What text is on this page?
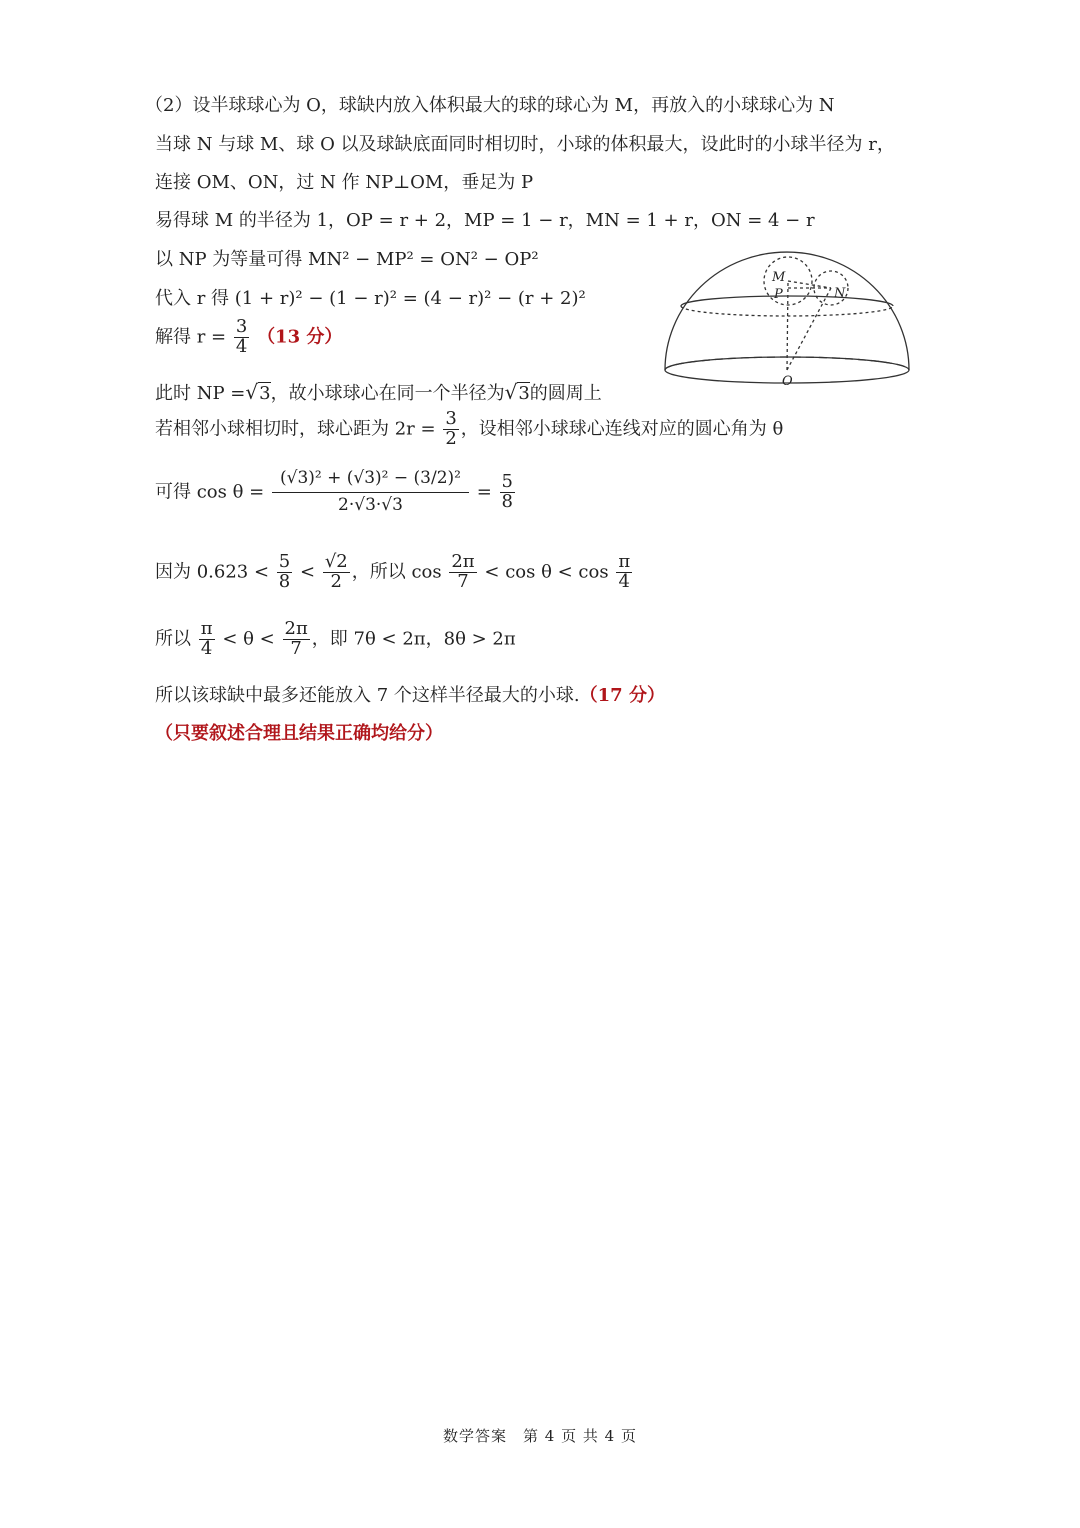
（2）设半球球心为 O，球缺内放入体积最大的球的球心为 M，再放入的小球球心为 N
当球 N 与球 M、球 O 以及球缺底面同时相切时，小球的体积最大，设此时的小球半径为 r，
连接 OM、ON，过 N 作 NP⊥OM，垂足为 P
易得球 M 的半径为 1，OP = r + 2，MP = 1 − r，MN = 1 + r，ON = 4 − r
以 NP 为等量可得 MN² − MP² = ON² − OP²
代入 r 得 (1 + r)² − (1 − r)² = (4 − r)² − (r + 2)²
解得 $r = \frac{3}{4} (13$ 分）
此时 NP =√3，故小球球心在同一个半径为√3的圆周上
若相邻小球相切时，球心距为 $2r = \frac{3}{2}$ ，设相邻小球球心连线对应的圆心角为 θ
可得 $\cos \theta = \frac{\text{(√3)² + (√3)² − (3/2)²}}{2\cdot√3\cdot√3} = \frac{5}{8}$
因为 $0.623 < \frac{5}{8} < \frac{√2}{2}$ ，所以 $\cos \frac{2\pi}{7} < \cos \theta < \cos \frac{\pi}{4}$
所以 $\frac{\pi}{4} < \theta < \frac{2\pi}{7}$ ，即 7θ < 2π，8θ > 2π
所以该球缺中最多还能放入 7 个这样半径最大的小球.（17 分）
（只要叙述合理且结果正确均给分）
M
P	N
O
数学答案　第 4 页 共 4 页
